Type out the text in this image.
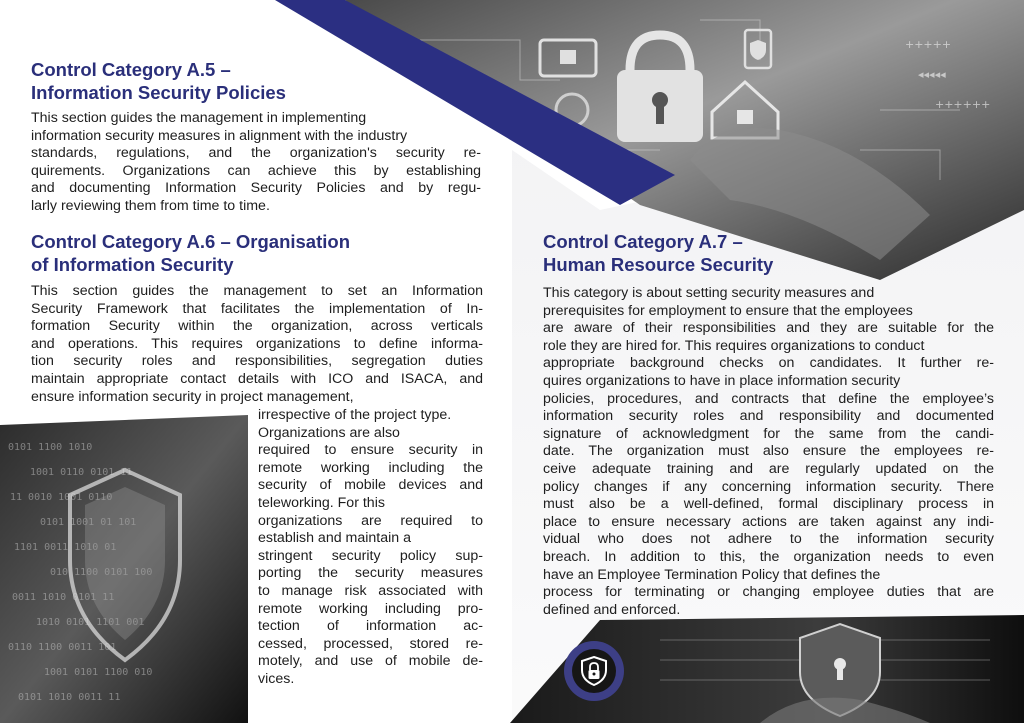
+++++
++++++
◂◂◂◂◂
0101 1100 1010
1001 0110 0101 11
11 0010 1001 0110
0101 1001 01 101
1101 0011 1010 01
010 1100 0101 100
0011 1010 0101 11
1010 0101 1101 001
0110 1100 0011 101
1001 0101 1100 010
0101 1010 0011 11
Control Category A.5 –
Information Security Policies
This section guides the management in implementing
information security measures in alignment with the industry
standards, regulations, and the organization's security re-
quirements. Organizations can achieve this by establishing
and documenting Information Security Policies and by regu-
larly reviewing them from time to time.
Control Category A.6 – Organisation
of Information Security
This section guides the management to set an Information
Security Framework that facilitates the implementation of In-
formation Security within the organization, across verticals
and operations. This requires organizations to define informa-
tion security roles and responsibilities, segregation duties
maintain appropriate contact details with ICO and ISACA, and
ensure information security in project management,
irrespective of the project type.
Organizations are also
required to ensure security in
remote working including the
security of mobile devices and
teleworking. For this
organizations are required to
establish and maintain a
stringent security policy sup-
porting the security measures
to manage risk associated with
remote working including pro-
tection of information ac-
cessed, processed, stored re-
motely, and use of mobile de-
vices.
Control Category A.7 –
Human Resource Security
This category is about setting security measures and
prerequisites for employment to ensure that the employees
are aware of their responsibilities and they are suitable for the
role they are hired for. This requires organizations to conduct
appropriate background checks on candidates. It further re-
quires organizations to have in place information security
policies, procedures, and contracts that define the employee’s
information security roles and responsibility and documented
signature of acknowledgment for the same from the candi-
date. The organization must also ensure the employees re-
ceive adequate training and are regularly updated on the
policy changes if any concerning information security. There
must also be a well-defined, formal disciplinary process in
place to ensure necessary actions are taken against any indi-
vidual who does not adhere to the information security
breach. In addition to this, the organization needs to even
have an Employee Termination Policy that defines the
process for terminating or changing employee duties that are
defined and enforced.
